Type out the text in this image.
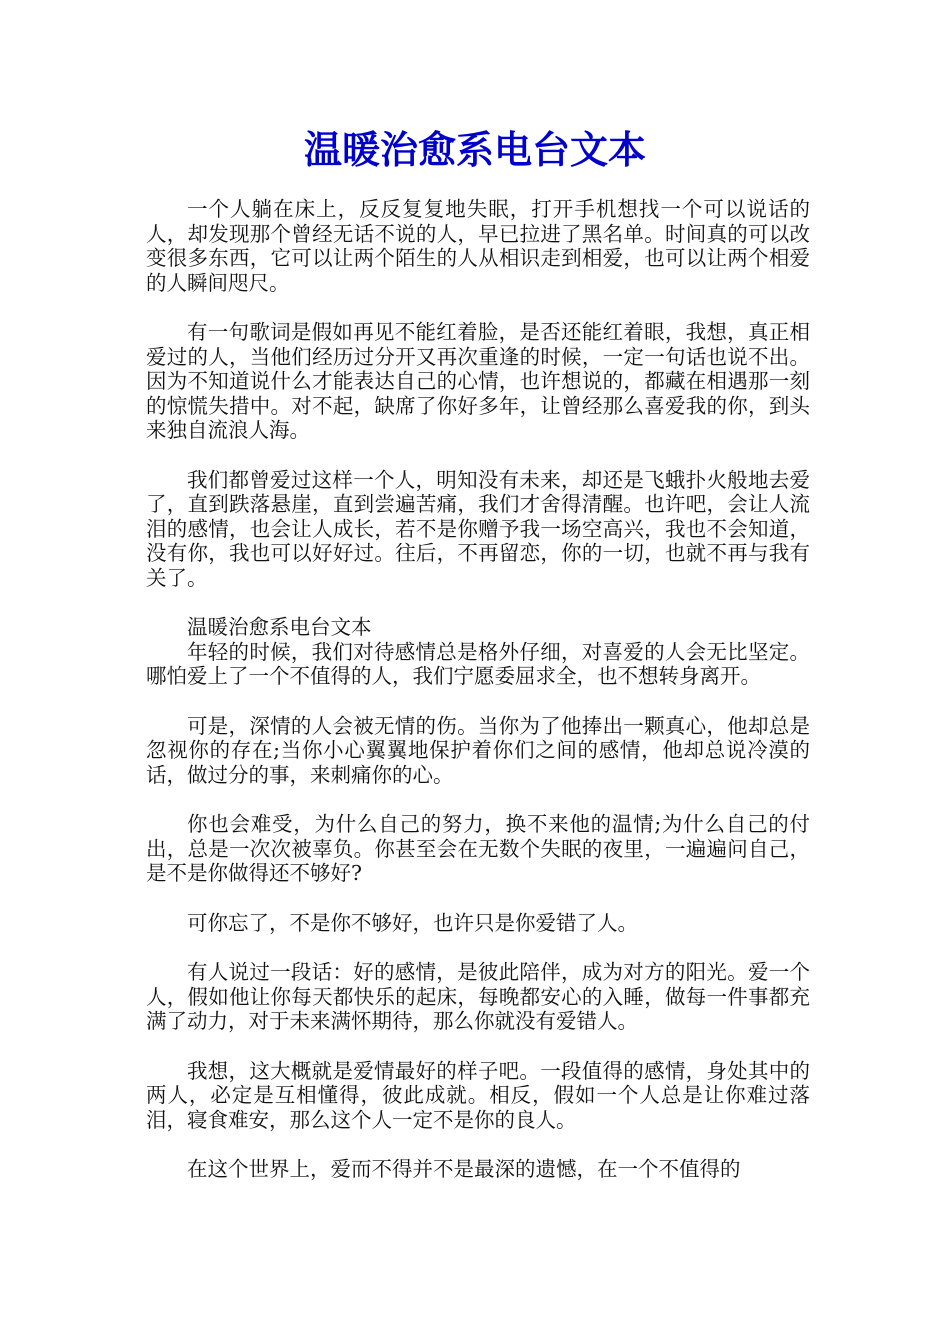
温暖治愈系电台文本

一个人躺在床上，反反复复地失眠，打开手机想找一个可以说话的人，却发现那个曾经无话不说的人，早已拉进了黑名单。时间真的可以改变很多东西，它可以让两个陌生的人从相识走到相爱，也可以让两个相爱的人瞬间咫尺。

有一句歌词是假如再见不能红着脸，是否还能红着眼，我想，真正相爱过的人，当他们经历过分开又再次重逢的时候，一定一句话也说不出。因为不知道说什么才能表达自己的心情，也许想说的，都藏在相遇那一刻的惊慌失措中。对不起，缺席了你好多年，让曾经那么喜爱我的你，到头来独自流浪人海。

我们都曾爱过这样一个人，明知没有未来，却还是飞蛾扑火般地去爱了，直到跌落悬崖，直到尝遍苦痛，我们才舍得清醒。也许吧，会让人流泪的感情，也会让人成长，若不是你赠予我一场空高兴，我也不会知道，没有你，我也可以好好过。往后，不再留恋，你的一切，也就不再与我有关了。

温暖治愈系电台文本

年轻的时候，我们对待感情总是格外仔细，对喜爱的人会无比坚定。哪怕爱上了一个不值得的人，我们宁愿委屈求全，也不想转身离开。

可是，深情的人会被无情的伤。当你为了他捧出一颗真心，他却总是忽视你的存在;当你小心翼翼地保护着你们之间的感情，他却总说冷漠的话，做过分的事，来刺痛你的心。

你也会难受，为什么自己的努力，换不来他的温情;为什么自己的付出，总是一次次被辜负。你甚至会在无数个失眠的夜里，一遍遍问自己，是不是你做得还不够好?

可你忘了，不是你不够好，也许只是你爱错了人。

有人说过一段话：好的感情，是彼此陪伴，成为对方的阳光。爱一个人，假如他让你每天都快乐的起床，每晚都安心的入睡，做每一件事都充满了动力，对于未来满怀期待，那么你就没有爱错人。

我想，这大概就是爱情最好的样子吧。一段值得的感情，身处其中的两人，必定是互相懂得，彼此成就。相反，假如一个人总是让你难过落泪，寝食难安，那么这个人一定不是你的良人。

在这个世界上，爱而不得并不是最深的遗憾，在一个不值得的
